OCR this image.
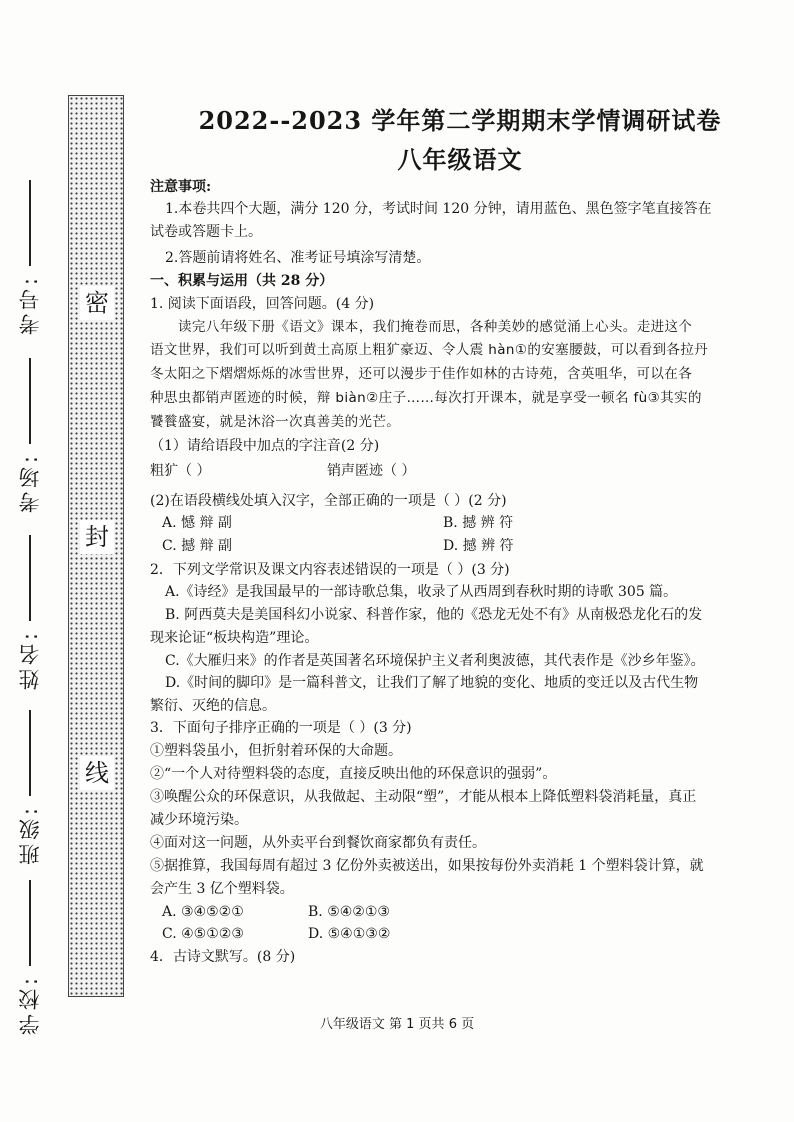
密
封
线
考号:
考场:
姓名:
班级:
学校:
2022--2023 学年第二学期期末学情调研试卷
八年级语文
注意事项:
1.本卷共四个大题，满分 120 分，考试时间 120 分钟，请用蓝色、黑色签字笔直接答在
试卷或答题卡上。
2.答题前请将姓名、准考证号填涂写清楚。
一、积累与运用（共 28 分）
1. 阅读下面语段，回答问题。(4 分)
读完八年级下册《语文》课本，我们掩卷而思，各种美妙的感觉涌上心头。走进这个
语文世界，我们可以听到黄土高原上粗犷豪迈、令人震 hàn①的安塞腰鼓，可以看到各拉丹
冬太阳之下熠熠烁烁的冰雪世界，还可以漫步于佳作如林的古诗苑，含英咀华，可以在各
种思虫都销声匿迹的时候，辩 biàn②庄子……每次打开课本，就是享受一顿名 fù③其实的
饕餮盛宴，就是沐浴一次真善美的光芒。
（1）请给语段中加点的字注音(2 分)
粗犷（ ）	销声匿迹（ ）
(2)在语段横线处填入汉字，全部正确的一项是（ ）(2 分)
A. 憾 辩 副	B. 撼 辨 符
C. 撼 辩 副	D. 撼 辨 符
2．下列文学常识及课文内容表述错误的一项是（ ）(3 分)
A.《诗经》是我国最早的一部诗歌总集，收录了从西周到春秋时期的诗歌 305 篇。
B. 阿西莫夫是美国科幻小说家、科普作家，他的《恐龙无处不有》从南极恐龙化石的发
现来论证“板块构造”理论。
C.《大雁归来》的作者是英国著名环境保护主义者利奥波德，其代表作是《沙乡年鉴》。
D.《时间的脚印》是一篇科普文，让我们了解了地貌的变化、地质的变迁以及古代生物
繁衍、灭绝的信息。
3．下面句子排序正确的一项是（ ）(3 分)
①塑料袋虽小，但折射着环保的大命题。
②“一个人对待塑料袋的态度，直接反映出他的环保意识的强弱”。
③唤醒公众的环保意识，从我做起、主动限“塑”，才能从根本上降低塑料袋消耗量，真正
减少环境污染。
④面对这一问题，从外卖平台到餐饮商家都负有责任。
⑤据推算，我国每周有超过 3 亿份外卖被送出，如果按每份外卖消耗 1 个塑料袋计算，就
会产生 3 亿个塑料袋。
A. ③④⑤②①	B. ⑤④②①③
C. ④⑤①②③	D. ⑤④①③②
4．古诗文默写。(8 分)
八年级语文 第 1 页共 6 页
